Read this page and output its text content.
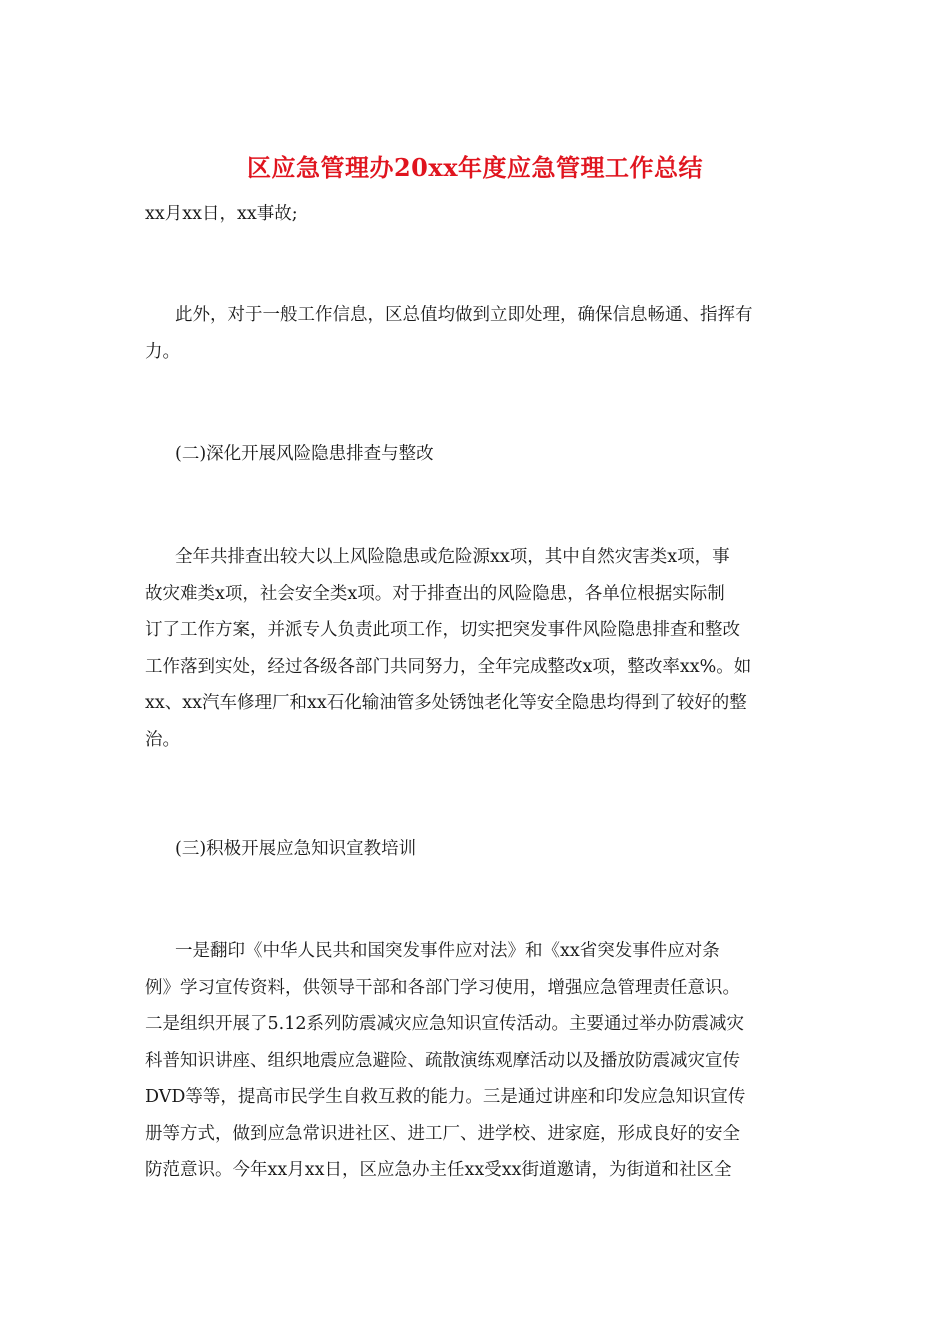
区应急管理办20xx年度应急管理工作总结
xx月xx日，xx事故;
此外，对于一般工作信息，区总值均做到立即处理，确保信息畅通、指挥有
力。
(二)深化开展风险隐患排查与整改
全年共排查出较大以上风险隐患或危险源xx项，其中自然灾害类x项，事
故灾难类x项，社会安全类x项。对于排查出的风险隐患，各单位根据实际制
订了工作方案，并派专人负责此项工作，切实把突发事件风险隐患排查和整改
工作落到实处，经过各级各部门共同努力，全年完成整改x项，整改率xx%。如
xx、xx汽车修理厂和xx石化输油管多处锈蚀老化等安全隐患均得到了较好的整
治。
(三)积极开展应急知识宣教培训
一是翻印《中华人民共和国突发事件应对法》和《xx省突发事件应对条
例》学习宣传资料，供领导干部和各部门学习使用，增强应急管理责任意识。
二是组织开展了5.12系列防震减灾应急知识宣传活动。主要通过举办防震减灾
科普知识讲座、组织地震应急避险、疏散演练观摩活动以及播放防震减灾宣传
DVD等等，提高市民学生自救互救的能力。三是通过讲座和印发应急知识宣传
册等方式，做到应急常识进社区、进工厂、进学校、进家庭，形成良好的安全
防范意识。今年xx月xx日，区应急办主任xx受xx街道邀请，为街道和社区全
